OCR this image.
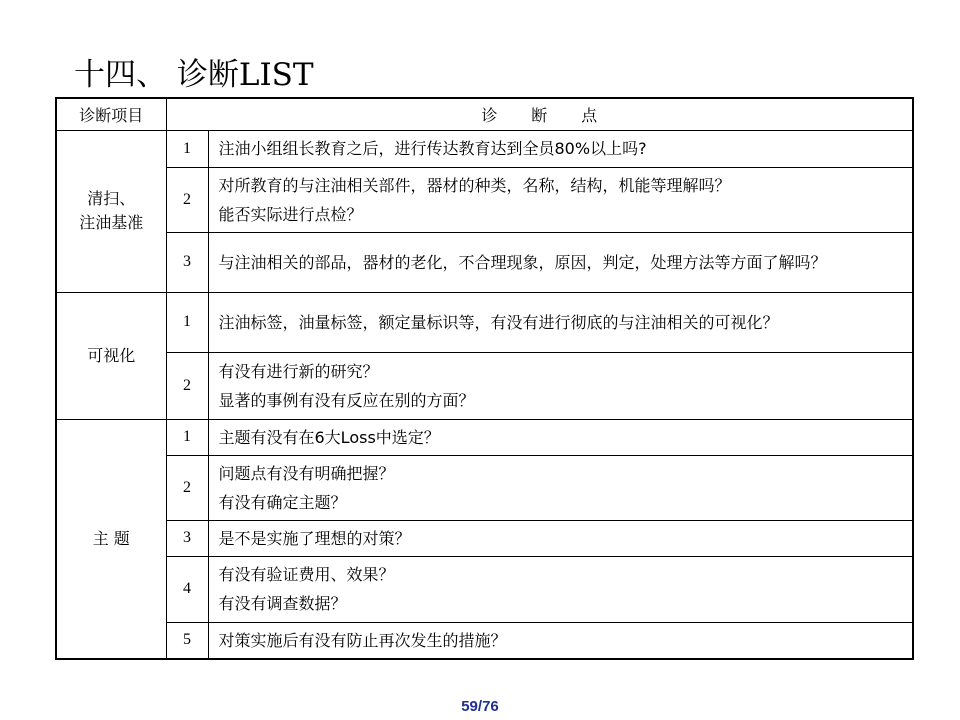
十四、 诊断LIST
诊断项目	诊 断 点	

清扫、
注油基准	1	注油小组组长教育之后，进行传达教育达到全员80%以上吗?

	2	对所教育的与注油相关部件，器材的种类，名称，结构，机能等理解吗？
能否实际进行点检？

	3	与注油相关的部品，器材的老化，不合理现象，原因，判定，处理方法等方面了解吗？

可视化	1	注油标签，油量标签，额定量标识等，有没有进行彻底的与注油相关的可视化？

	2	有没有进行新的研究？
显著的事例有没有反应在别的方面？

主 题	1	主题有没有在6大Loss中选定？

	2	问题点有没有明确把握？
有没有确定主题？

	3	是不是实施了理想的对策？

	4	有没有验证费用、效果？
有没有调查数据？

	5	对策实施后有没有防止再次发生的措施？
59/76
